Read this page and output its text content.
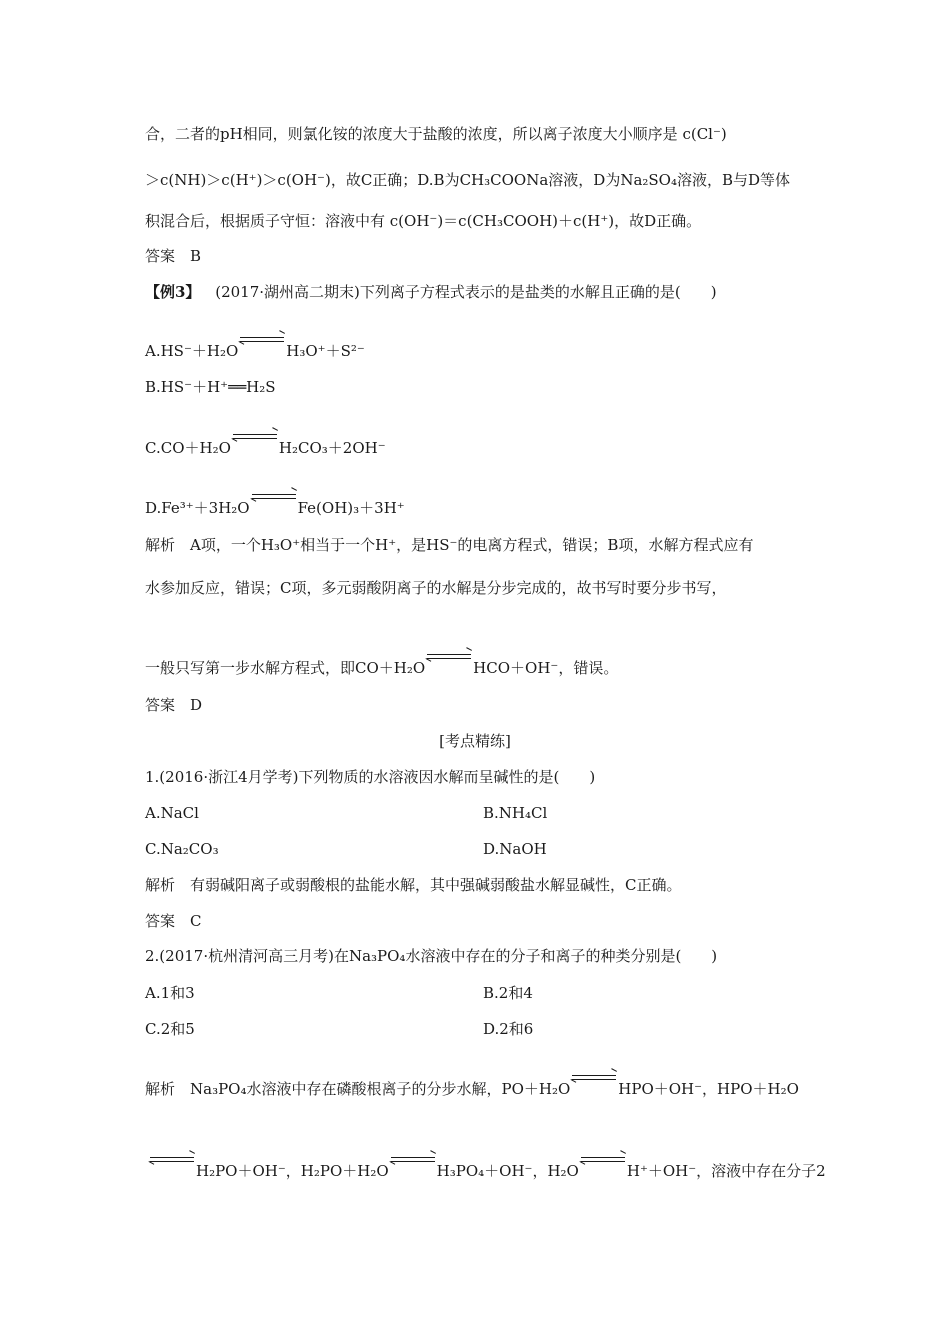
合，二者的pH相同，则氯化铵的浓度大于盐酸的浓度，所以离子浓度大小顺序是 c(Cl⁻)
＞c(NH)＞c(H⁺)＞c(OH⁻)，故C正确；D.B为CH₃COONa溶液，D为Na₂SO₄溶液，B与D等体
积混合后，根据质子守恒：溶液中有 c(OH⁻)＝c(CH₃COOH)＋c(H⁺)，故D正确。
答案　B
【例3】 (2017·湖州高二期末)下列离子方程式表示的是盐类的水解且正确的是(　　)
A.HS⁻＋H₂O	H₃O⁺＋S²⁻
B.HS⁻＋H⁺══H₂S
C.CO＋H₂O	H₂CO₃＋2OH⁻
D.Fe³⁺＋3H₂O	Fe(OH)₃＋3H⁺
解析　A项，一个H₃O⁺相当于一个H⁺，是HS⁻的电离方程式，错误；B项，水解方程式应有
水参加反应，错误；C项，多元弱酸阴离子的水解是分步完成的，故书写时要分步书写，
一般只写第一步水解方程式，即CO＋H₂O	HCO＋OH⁻，错误。
答案　D
[考点精练]
1.(2016·浙江4月学考)下列物质的水溶液因水解而呈碱性的是(　　)
A.NaCl	B.NH₄Cl
C.Na₂CO₃	D.NaOH
解析　有弱碱阳离子或弱酸根的盐能水解，其中强碱弱酸盐水解显碱性，C正确。
答案　C
2.(2017·杭州清河高三月考)在Na₃PO₄水溶液中存在的分子和离子的种类分别是(　　)
A.1和3	B.2和4
C.2和5	D.2和6
解析　Na₃PO₄水溶液中存在磷酸根离子的分步水解，PO＋H₂O	HPO＋OH⁻，HPO＋H₂O
H₂PO＋OH⁻，H₂PO＋H₂O	H₃PO₄＋OH⁻，H₂O	H⁺＋OH⁻，溶液中存在分子2
